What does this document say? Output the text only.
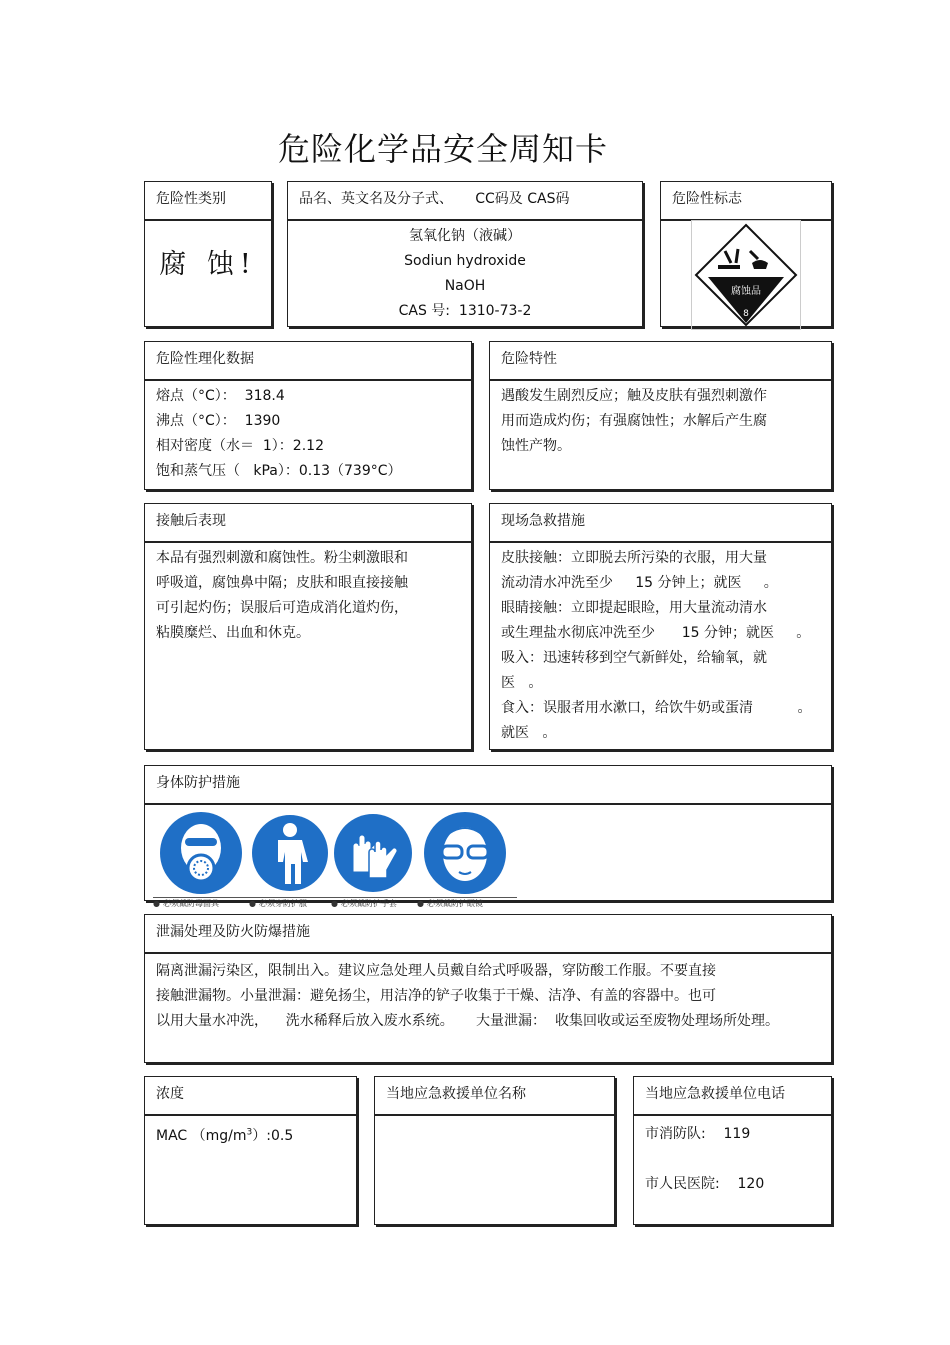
危险化学品安全周知卡
危险性类别
腐 蚀!
品名、英文名及分子式、     CC码及 CAS码
氢氧化钠（液碱）
Sodiun hydroxide
NaOH
CAS 号:  1310-73-2
危险性标志
腐蚀品
8
危险性理化数据
熔点（°C）：  318.4
沸点（°C）：  1390
相对密度（水＝  1）：2.12
饱和蒸气压（   kPa）：0.13（739°C）
危险特性
遇酸发生剧烈反应；触及皮肤有强烈刺激作
用而造成灼伤；有强腐蚀性；水解后产生腐
蚀性产物。
接触后表现
本品有强烈刺激和腐蚀性。粉尘刺激眼和
呼吸道，腐蚀鼻中隔；皮肤和眼直接接触
可引起灼伤；误服后可造成消化道灼伤，
粘膜糜烂、出血和休克。
现场急救措施
皮肤接触：立即脱去所污染的衣服，用大量
流动清水冲洗至少     15 分钟上；就医     。
眼睛接触：立即提起眼睑，用大量流动清水
或生理盐水彻底冲洗至少      15 分钟；就医     。
吸入：迅速转移到空气新鲜处，给输氧，就
医   。
食入：误服者用水漱口，给饮牛奶或蛋清          。
就医   。
身体防护措施
● 必须戴防毒面具	● 必须穿防护服	● 必须戴防护手套	● 必须戴防护眼镜
泄漏处理及防火防爆措施
隔离泄漏污染区，限制出入。建议应急处理人员戴自给式呼吸器，穿防酸工作服。不要直接
接触泄漏物。小量泄漏：避免扬尘，用洁净的铲子收集于干燥、洁净、有盖的容器中。也可
以用大量水冲洗，    洗水稀释后放入废水系统。     大量泄漏：  收集回收或运至废物处理场所处理。
浓度
MAC $(mg/m^3):0.5$
当地应急救援单位名称	当地应急救援单位电话
市消防队:    119
市人民医院:    120
